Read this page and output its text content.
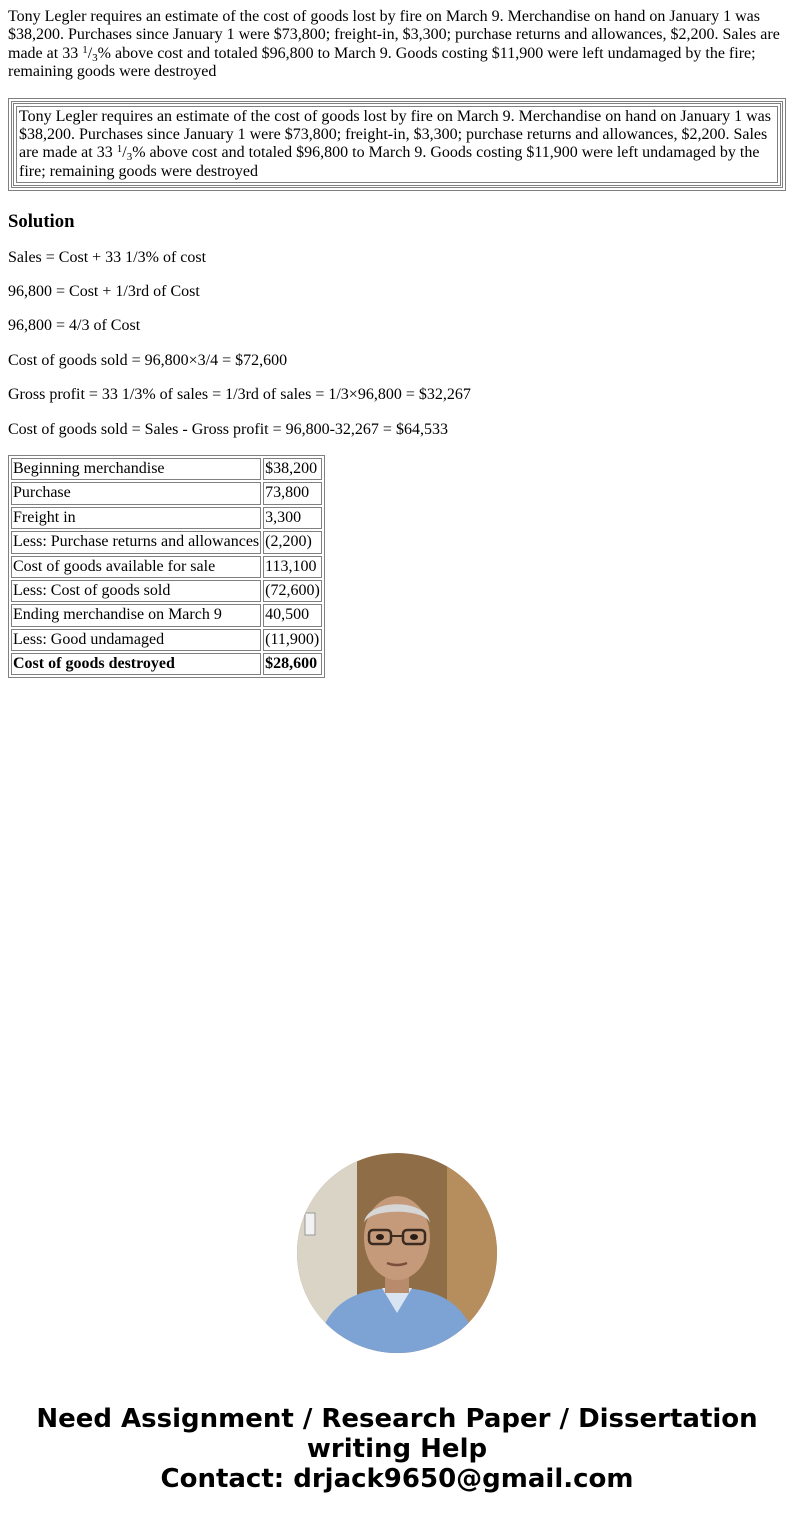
Tony Legler requires an estimate of the cost of goods lost by fire on March 9. Merchandise on hand on January 1 was $38,200. Purchases since January 1 were $73,800; freight-in, $3,300; purchase returns and allowances, $2,200. Sales are made at 33 $^1/_3\%$ above cost and totaled $96,800 to March 9. Goods costing $11,900 were left undamaged by the fire; remaining goods were destroyed
Tony Legler requires an estimate of the cost of goods lost by fire on March 9. Merchandise on hand on January 1 was $38,200. Purchases since January 1 were $73,800; freight-in, $3,300; purchase returns and allowances, $2,200. Sales are made at 33 $^1/_3\%$ above cost and totaled $96,800 to March 9. Goods costing $11,900 were left undamaged by the fire; remaining goods were destroyed
Solution

Sales = Cost + 33 1/3% of cost

96,800 = Cost + 1/3rd of Cost

96,800 = 4/3 of Cost

Cost of goods sold = 96,800×3/4 = $72,600

Gross profit = 33 1/3% of sales = 1/3rd of sales = 1/3×96,800 = $32,267

Cost of goods sold = Sales - Gross profit = 96,800-32,267 = $64,533

Beginning merchandise	$38,200
Purchase	73,800
Freight in	3,300
Less: Purchase returns and allowances	(2,200)
Cost of goods available for sale	113,100
Less: Cost of goods sold	(72,600)
Ending merchandise on March 9	40,500
Less: Good undamaged	(11,900)
Cost of goods destroyed	$28,600
Need Assignment / Research Paper / Dissertation
writing Help
Contact: drjack9650@gmail.com
